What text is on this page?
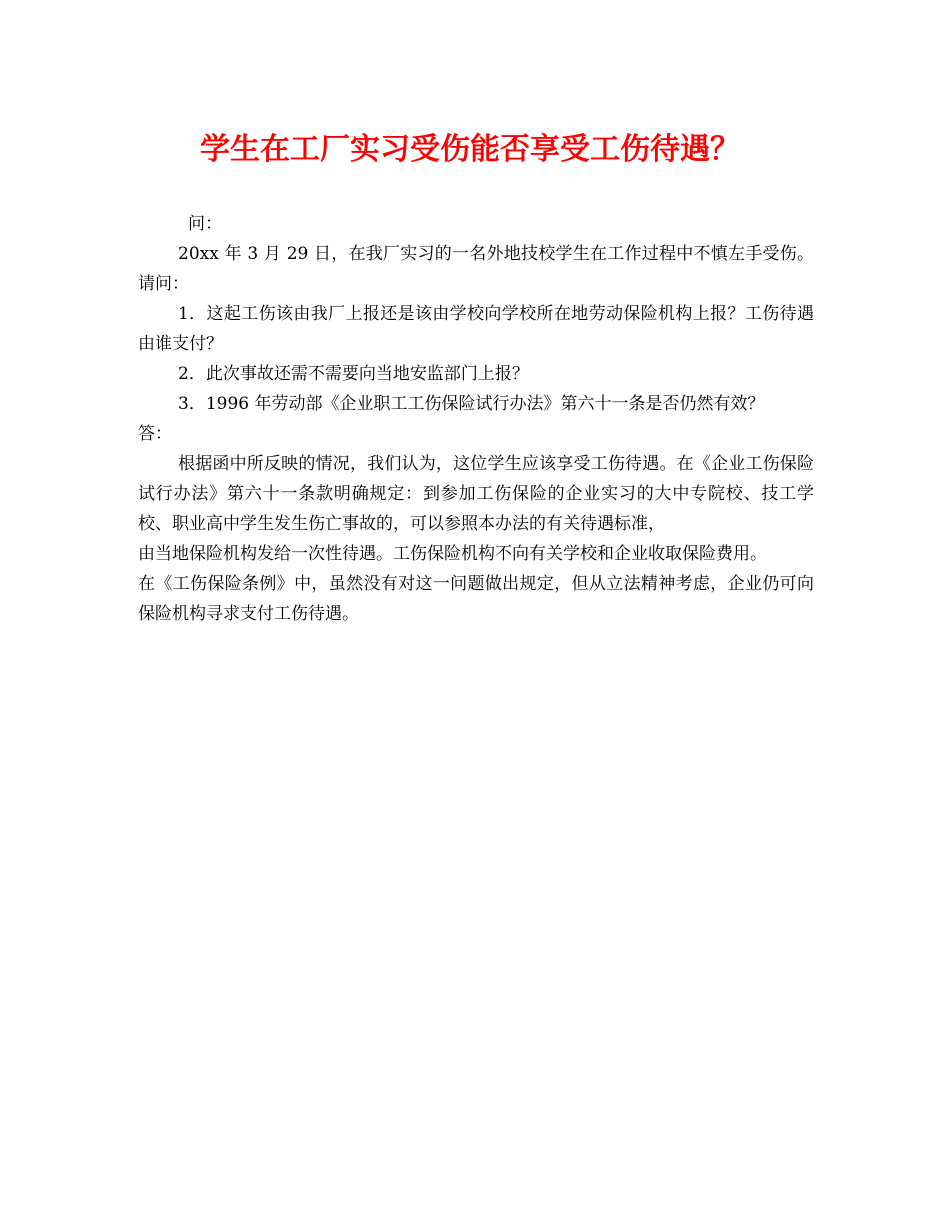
学生在工厂实习受伤能否享受工伤待遇？

问：

20xx 年 3 月 29 日，在我厂实习的一名外地技校学生在工作过程中不慎左手受伤。请问：

1．这起工伤该由我厂上报还是该由学校向学校所在地劳动保险机构上报？工伤待遇由谁支付？

2．此次事故还需不需要向当地安监部门上报？

3．1996 年劳动部《企业职工工伤保险试行办法》第六十一条是否仍然有效？

答：

根据函中所反映的情况，我们认为，这位学生应该享受工伤待遇。在《企业工伤保险试行办法》第六十一条款明确规定：到参加工伤保险的企业实习的大中专院校、技工学校、职业高中学生发生伤亡事故的，可以参照本办法的有关待遇标准，

由当地保险机构发给一次性待遇。工伤保险机构不向有关学校和企业收取保险费用。

在《工伤保险条例》中，虽然没有对这一问题做出规定，但从立法精神考虑，企业仍可向保险机构寻求支付工伤待遇。
